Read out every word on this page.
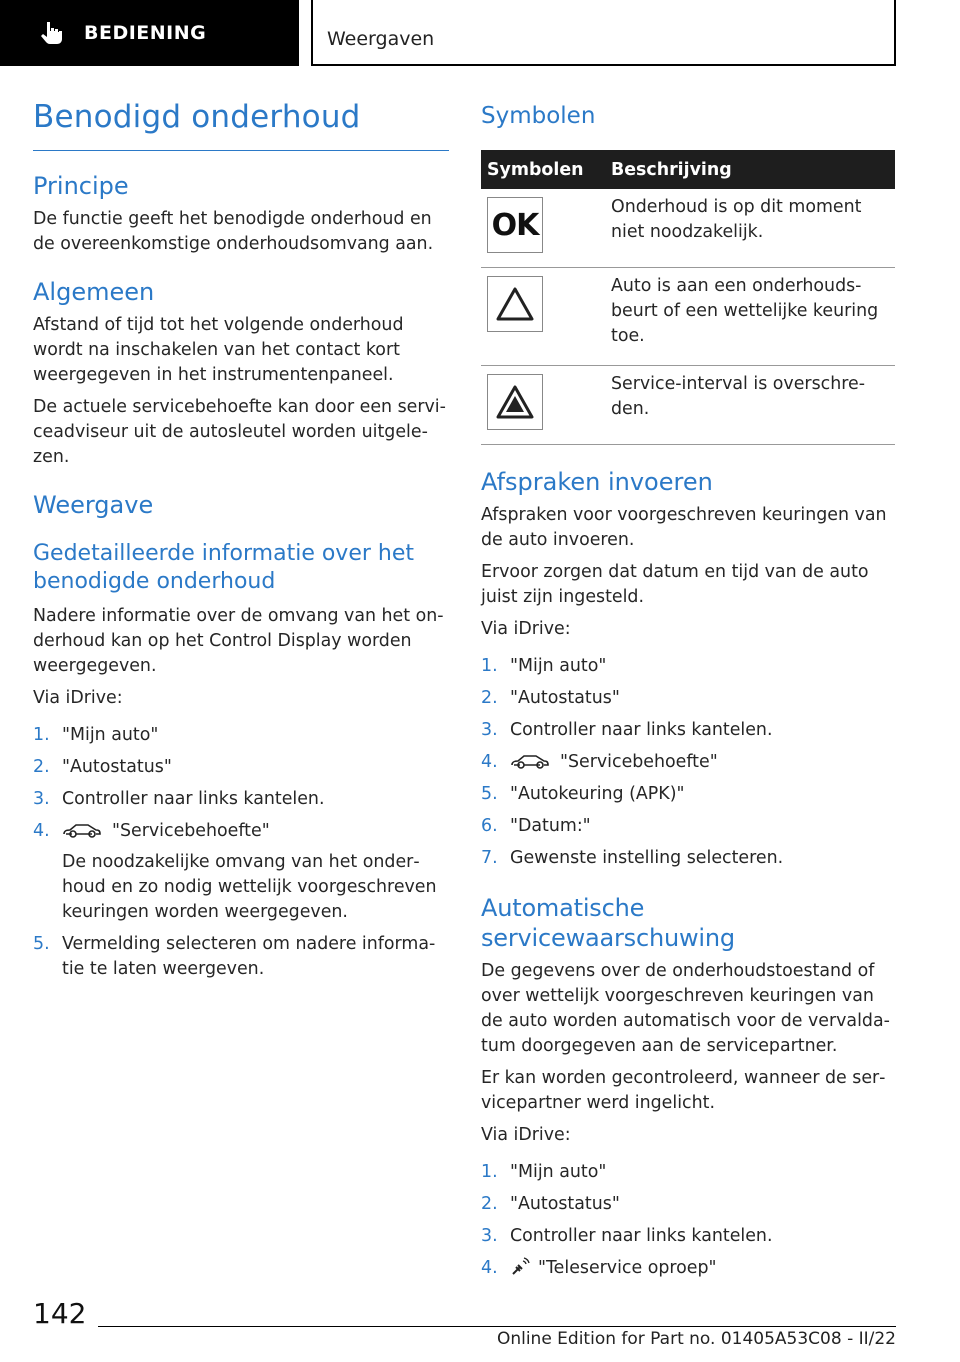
BEDIENING	Weergaven
Benodigd onderhoud
Principe

De functie geeft het benodigde onderhoud en de overeenkomstige onderhoudsomvang aan.

Algemeen

Afstand of tijd tot het volgende onderhoud wordt na inschakelen van het contact kort weergegeven in het instrumentenpaneel.

De actuele servicebehoefte kan door een serviceadviseur uit de autosleutel worden uitgelezen.

Weergave
Gedetailleerde informatie over het benodigde onderhoud

Nadere informatie over de omvang van het onderhoud kan op het Control Display worden weergegeven.

Via iDrive:

1. "Mijn auto"
2. "Autostatus"
3. Controller naar links kantelen.
4.	"Servicebehoefte"
De noodzakelijke omvang van het onderhoud en zo nodig wettelijk voorgeschreven keuringen worden weergegeven.
5. Vermelding selecteren om nadere informatie te laten weergeven.
Symbolen
Symbolen	Beschrijving

OK	Onderhoud is op dit moment niet noodzakelijk.

	Auto is aan een onderhoudsbeurt of een wettelijke keuring toe.

	Service-interval is overschreden.
Afspraken invoeren

Afspraken voor voorgeschreven keuringen van de auto invoeren.

Ervoor zorgen dat datum en tijd van de auto juist zijn ingesteld.

Via iDrive:

1. "Mijn auto"
2. "Autostatus"
3. Controller naar links kantelen.
4.	"Servicebehoefte"
5. "Autokeuring (APK)"
6. "Datum:"
7. Gewenste instelling selecteren.
Automatische servicewaarschuwing

De gegevens over de onderhoudstoestand of over wettelijk voorgeschreven keuringen van de auto worden automatisch voor de vervaldatum doorgegeven aan de servicepartner.

Er kan worden gecontroleerd, wanneer de servicepartner werd ingelicht.

Via iDrive:

1. "Mijn auto"
2. "Autostatus"
3. Controller naar links kantelen.
4.	"Teleservice oproep"
142
Online Edition for Part no. 01405A53C08 - II/22
